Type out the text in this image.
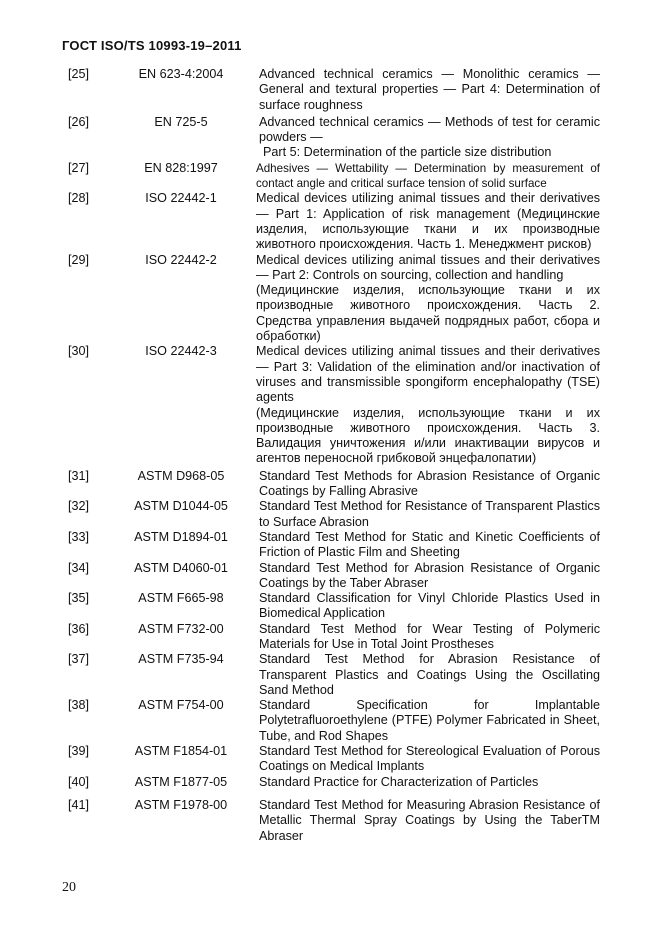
ГОСТ ISO/TS 10993-19–2011
[25]	EN 623-4:2004	Advanced technical ceramics — Monolithic ceramics — General and textural properties — Part 4: Determination of surface roughness
[26]	EN 725-5	Advanced technical ceramics — Methods of test for ceramic powders —
Part 5: Determination of the particle size distribution
[27]	EN 828:1997	Adhesives — Wettability — Determination by measurement of contact angle and critical surface tension of solid surface
[28]	ISO 22442-1	Medical devices utilizing animal tissues and their derivatives — Part 1: Application of risk management (Медицинские изделия, использующие ткани и их производные животного происхождения. Часть 1. Менеджмент рисков)
[29]	ISO 22442-2	Medical devices utilizing animal tissues and their derivatives — Part 2: Controls on sourcing, collection and handling
(Медицинские изделия, использующие ткани и их производные животного происхождения. Часть 2. Средства управления выдачей подрядных работ, сбора и обработки)
[30]	ISO 22442-3	Medical devices utilizing animal tissues and their derivatives — Part 3: Validation of the elimination and/or inactivation of viruses and transmissible spongiform encephalopathy (TSE) agents
(Медицинские изделия, использующие ткани и их производные животного происхождения. Часть 3. Валидация уничтожения и/или инактивации вирусов и агентов переносной грибковой энцефалопатии)
[31]	ASTM D968-05	Standard Test Methods for Abrasion Resistance of Organic Coatings by Falling Abrasive
[32]	ASTM D1044-05	Standard Test Method for Resistance of Transparent Plastics to Surface Abrasion
[33]	ASTM D1894-01	Standard Test Method for Static and Kinetic Coefficients of Friction of Plastic Film and Sheeting
[34]	ASTM D4060-01	Standard Test Method for Abrasion Resistance of Organic Coatings by the Taber Abraser
[35]	ASTM F665-98	Standard Classification for Vinyl Chloride Plastics Used in Biomedical Application
[36]	ASTM F732-00	Standard Test Method for Wear Testing of Polymeric Materials for Use in Total Joint Prostheses
[37]	ASTM F735-94	Standard Test Method for Abrasion Resistance of Transparent Plastics and Coatings Using the Oscillating Sand Method
[38]	ASTM F754-00	Standard Specification for Implantable Polytetrafluoroethylene (PTFE) Polymer Fabricated in Sheet, Tube, and Rod Shapes
[39]	ASTM F1854-01	Standard Test Method for Stereological Evaluation of Porous Coatings on Medical Implants
[40]	ASTM F1877-05	Standard Practice for Characterization of Particles
[41]	ASTM F1978-00	Standard Test Method for Measuring Abrasion Resistance of Metallic Thermal Spray Coatings by Using the TaberTM Abraser
20
